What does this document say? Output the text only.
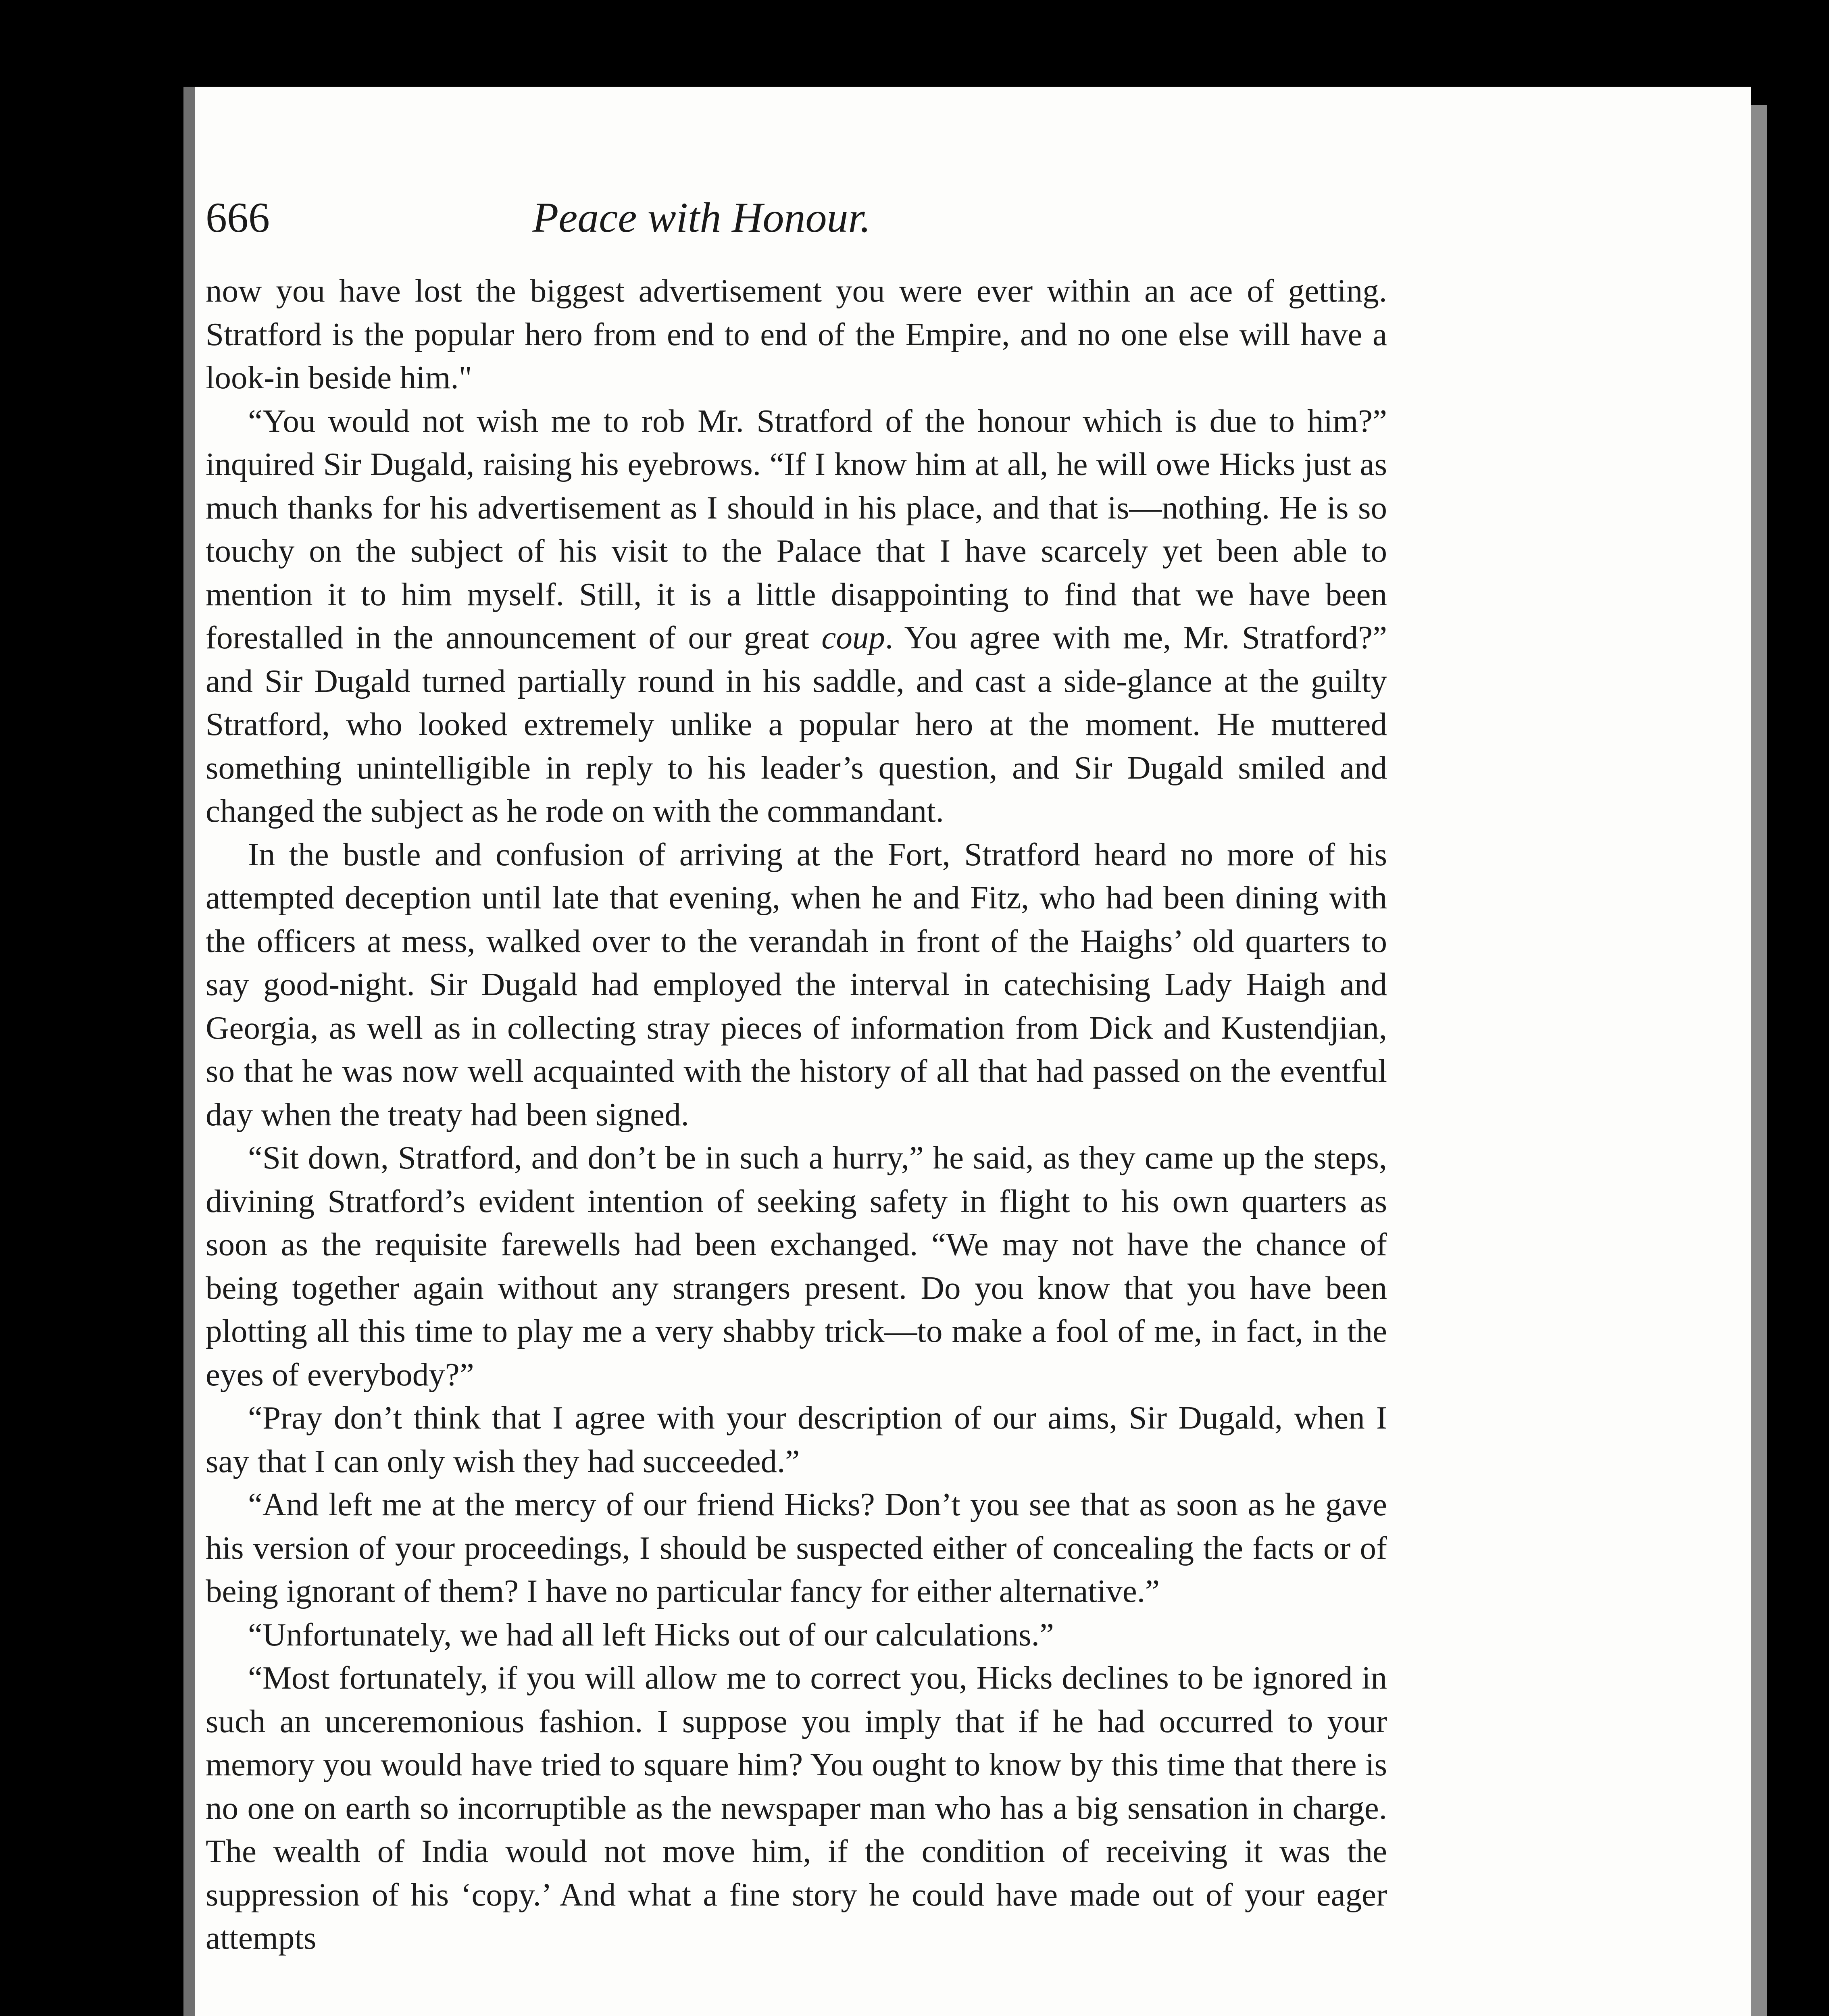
666	Peace with Honour.

now you have lost the biggest advertisement you were ever within an ace of getting. Stratford is the popular hero from end to end of the Empire, and no one else will have a look-in beside him."

“You would not wish me to rob Mr. Stratford of the honour which is due to him?” inquired Sir Dugald, raising his eyebrows. “If I know him at all, he will owe Hicks just as much thanks for his advertisement as I should in his place, and that is—nothing. He is so touchy on the subject of his visit to the Palace that I have scarcely yet been able to mention it to him myself. Still, it is a little disappointing to find that we have been forestalled in the announcement of our great coup. You agree with me, Mr. Stratford?” and Sir Dugald turned partially round in his saddle, and cast a side-glance at the guilty Stratford, who looked extremely unlike a popular hero at the moment. He muttered something unintelligible in reply to his leader’s question, and Sir Dugald smiled and changed the subject as he rode on with the commandant.

In the bustle and confusion of arriving at the Fort, Stratford heard no more of his attempted deception until late that evening, when he and Fitz, who had been dining with the officers at mess, walked over to the verandah in front of the Haighs’ old quarters to say good-night. Sir Dugald had employed the interval in catechising Lady Haigh and Georgia, as well as in collecting stray pieces of information from Dick and Kustendjian, so that he was now well acquainted with the history of all that had passed on the eventful day when the treaty had been signed.

“Sit down, Stratford, and don’t be in such a hurry,” he said, as they came up the steps, divining Stratford’s evident intention of seeking safety in flight to his own quarters as soon as the requisite farewells had been exchanged. “We may not have the chance of being together again without any strangers present. Do you know that you have been plotting all this time to play me a very shabby trick—to make a fool of me, in fact, in the eyes of everybody?”

“Pray don’t think that I agree with your description of our aims, Sir Dugald, when I say that I can only wish they had succeeded.”

“And left me at the mercy of our friend Hicks? Don’t you see that as soon as he gave his version of your proceedings, I should be suspected either of concealing the facts or of being ignorant of them? I have no particular fancy for either alternative.”

“Unfortunately, we had all left Hicks out of our calculations.”

“Most fortunately, if you will allow me to correct you, Hicks declines to be ignored in such an unceremonious fashion. I suppose you imply that if he had occurred to your memory you would have tried to square him? You ought to know by this time that there is no one on earth so incorruptible as the newspaper man who has a big sensation in charge. The wealth of India would not move him, if the condition of receiving it was the suppression of his ‘copy.’ And what a fine story he could have made out of your eager attempts
